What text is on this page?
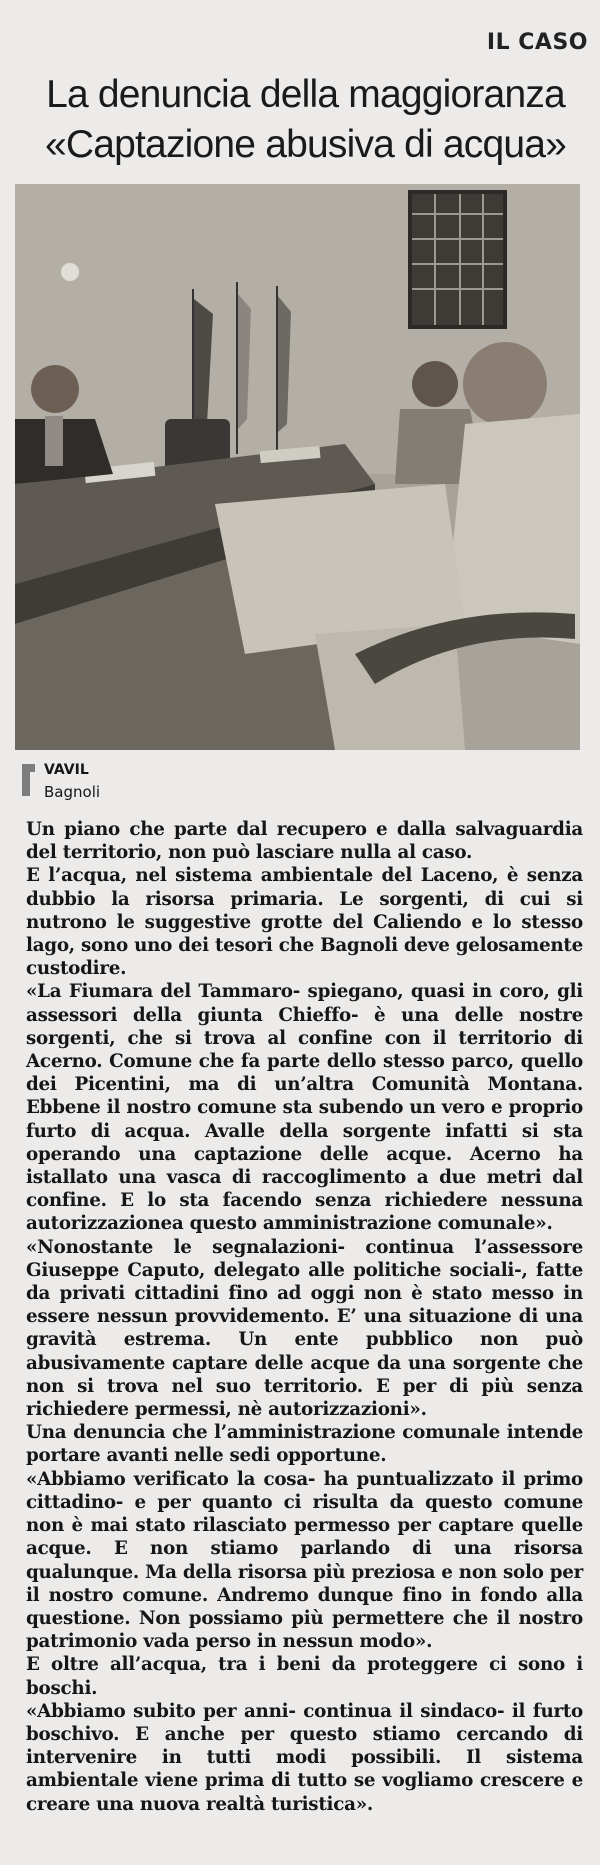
IL CASO
La denuncia della maggioranza
«Captazione abusiva di acqua»
VAVIL
Bagnoli

Un piano che parte dal recupero e dalla salvaguardia del territorio, non può lasciare nulla al caso.

E l’acqua, nel sistema ambientale del Laceno, è senza dubbio la risorsa primaria. Le sorgenti, di cui si nutrono le suggestive grotte del Caliendo e lo stesso lago, sono uno dei tesori che Bagnoli deve gelosamente custodire.

«La Fiumara del Tammaro- spiegano, quasi in coro, gli assessori della giunta Chieffo- è una delle nostre sorgenti, che si trova al confine con il territorio di Acerno. Comune che fa parte dello stesso parco, quello dei Picentini, ma di un’altra Comunità Montana. Ebbene il nostro comune sta subendo un vero e proprio furto di acqua. Avalle della sorgente infatti si sta operando una captazione delle acque. Acerno ha istallato una vasca di raccoglimento a due metri dal confine. E lo sta facendo senza richiedere nessuna autorizzazionea questo amministrazione comunale».

«Nonostante le segnalazioni- continua l’assessore Giuseppe Caputo, delegato alle politiche sociali-, fatte da privati cittadini fino ad oggi non è stato messo in essere nessun provvidemento. E’ una situazione di una gravità estrema. Un ente pubblico non può abusivamente captare delle acque da una sorgente che non si trova nel suo territorio. E per di più senza richiedere permessi, nè autorizzazioni».

Una denuncia che l’amministrazione comunale intende portare avanti nelle sedi opportune.

«Abbiamo verificato la cosa- ha puntualizzato il primo cittadino- e per quanto ci risulta da questo comune non è mai stato rilasciato permesso per captare quelle acque. E non stiamo parlando di una risorsa qualunque. Ma della risorsa più preziosa e non solo per il nostro comune. Andremo dunque fino in fondo alla questione. Non possiamo più permettere che il nostro patrimonio vada perso in nessun modo».

E oltre all’acqua, tra i beni da proteggere ci sono i boschi.

«Abbiamo subito per anni- continua il sindaco- il furto boschivo. E anche per questo stiamo cercando di intervenire in tutti modi possibili. Il sistema ambientale viene prima di tutto se vogliamo crescere e creare una nuova realtà turistica».
